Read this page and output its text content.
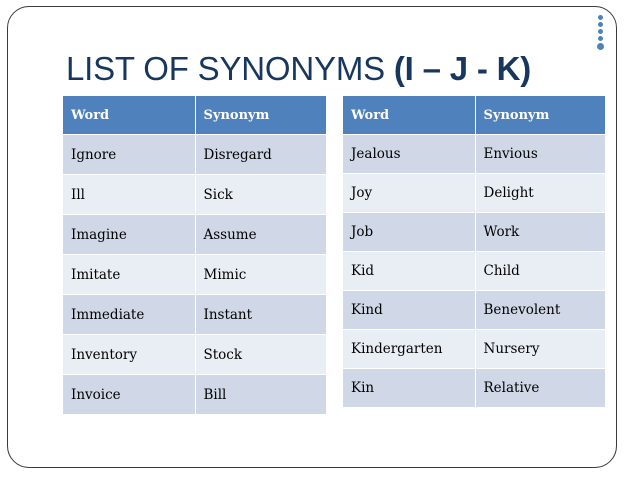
LIST OF SYNONYMS (I – J - K)
Word	Synonym
Ignore	Disregard
Ill	Sick
Imagine	Assume
Imitate	Mimic
Immediate	Instant
Inventory	Stock
Invoice	Bill
Word	Synonym
Jealous	Envious
Joy	Delight
Job	Work
Kid	Child
Kind	Benevolent
Kindergarten	Nursery
Kin	Relative
